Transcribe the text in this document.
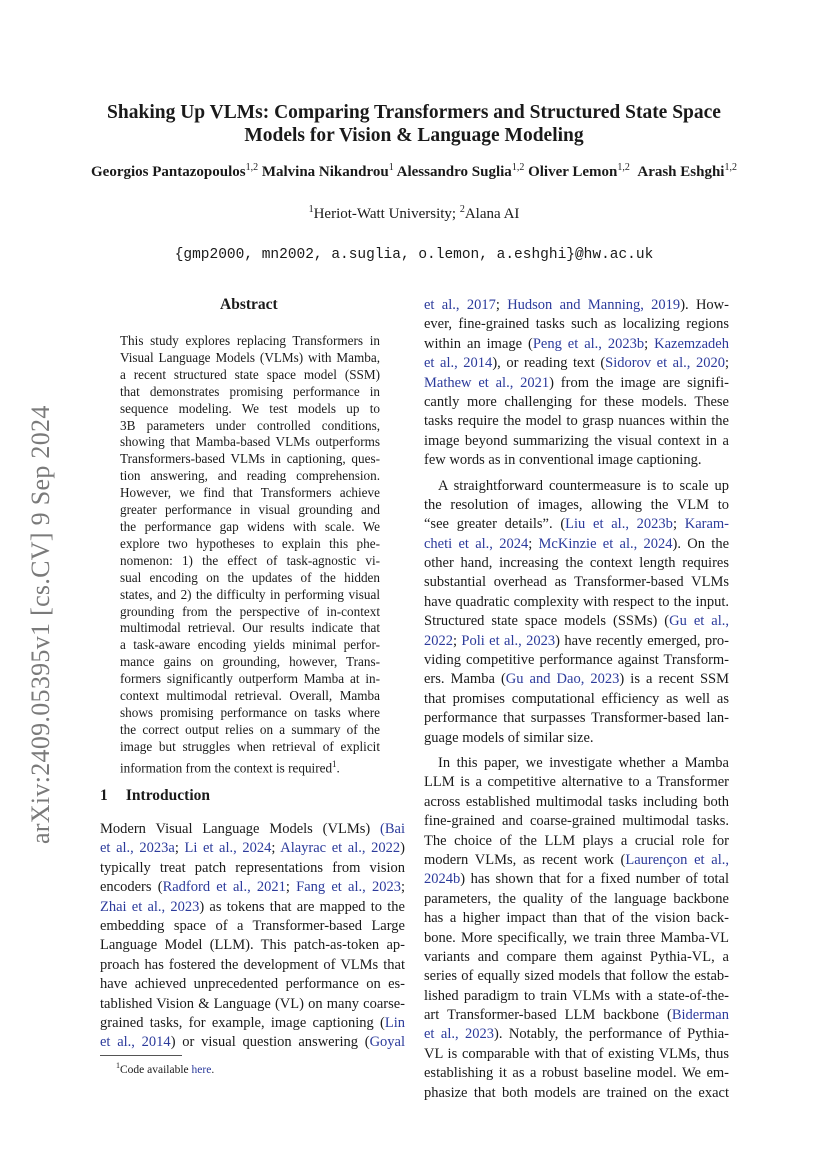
arXiv:2409.05395v1 [cs.CV] 9 Sep 2024
Shaking Up VLMs: Comparing Transformers and Structured State Space
Models for Vision & Language Modeling
Georgios Pantazopoulos$^{1,2}$ Malvina Nikandrou$^1$ Alessandro Suglia$^{1,2}$ Oliver Lemon$^{1,2}$ Arash Eshghi$^{1,2}$
$^1$Heriot-Watt University; $^2$Alana AI
{gmp2000, mn2002, a.suglia, o.lemon, a.eshghi}@hw.ac.uk
Abstract
This study explores replacing Transformers in
Visual Language Models (VLMs) with Mamba,
a recent structured state space model (SSM)
that demonstrates promising performance in
sequence modeling. We test models up to
3B parameters under controlled conditions,
showing that Mamba-based VLMs outperforms
Transformers-based VLMs in captioning, ques-
tion answering, and reading comprehension.
However, we find that Transformers achieve
greater performance in visual grounding and
the performance gap widens with scale. We
explore two hypotheses to explain this phe-
nomenon: 1) the effect of task-agnostic vi-
sual encoding on the updates of the hidden
states, and 2) the difficulty in performing visual
grounding from the perspective of in-context
multimodal retrieval. Our results indicate that
a task-aware encoding yields minimal perfor-
mance gains on grounding, however, Trans-
formers significantly outperform Mamba at in-
context multimodal retrieval. Overall, Mamba
shows promising performance on tasks where
the correct output relies on a summary of the
image but struggles when retrieval of explicit
information from the context is required$^1$.
1 Introduction
Modern Visual Language Models (VLMs) (Bai
et al., 2023a; Li et al., 2024; Alayrac et al., 2022)
typically treat patch representations from vision
encoders (Radford et al., 2021; Fang et al., 2023;
Zhai et al., 2023) as tokens that are mapped to the
embedding space of a Transformer-based Large
Language Model (LLM). This patch-as-token ap-
proach has fostered the development of VLMs that
have achieved unprecedented performance on es-
tablished Vision & Language (VL) on many coarse-
grained tasks, for example, image captioning (Lin
et al., 2014) or visual question answering (Goyal
et al., 2017; Hudson and Manning, 2019). How-
ever, fine-grained tasks such as localizing regions
within an image (Peng et al., 2023b; Kazemzadeh
et al., 2014), or reading text (Sidorov et al., 2020;
Mathew et al., 2021) from the image are signifi-
cantly more challenging for these models. These
tasks require the model to grasp nuances within the
image beyond summarizing the visual context in a
few words as in conventional image captioning.
A straightforward countermeasure is to scale up
the resolution of images, allowing the VLM to
“see greater details”. (Liu et al., 2023b; Karam-
cheti et al., 2024; McKinzie et al., 2024). On the
other hand, increasing the context length requires
substantial overhead as Transformer-based VLMs
have quadratic complexity with respect to the input.
Structured state space models (SSMs) (Gu et al.,
2022; Poli et al., 2023) have recently emerged, pro-
viding competitive performance against Transform-
ers. Mamba (Gu and Dao, 2023) is a recent SSM
that promises computational efficiency as well as
performance that surpasses Transformer-based lan-
guage models of similar size.
In this paper, we investigate whether a Mamba
LLM is a competitive alternative to a Transformer
across established multimodal tasks including both
fine-grained and coarse-grained multimodal tasks.
The choice of the LLM plays a crucial role for
modern VLMs, as recent work (Laurençon et al.,
2024b) has shown that for a fixed number of total
parameters, the quality of the language backbone
has a higher impact than that of the vision back-
bone. More specifically, we train three Mamba-VL
variants and compare them against Pythia-VL, a
series of equally sized models that follow the estab-
lished paradigm to train VLMs with a state-of-the-
art Transformer-based LLM backbone (Biderman
et al., 2023). Notably, the performance of Pythia-
VL is comparable with that of existing VLMs, thus
establishing it as a robust baseline model. We em-
phasize that both models are trained on the exact
$^1$Code available here.
